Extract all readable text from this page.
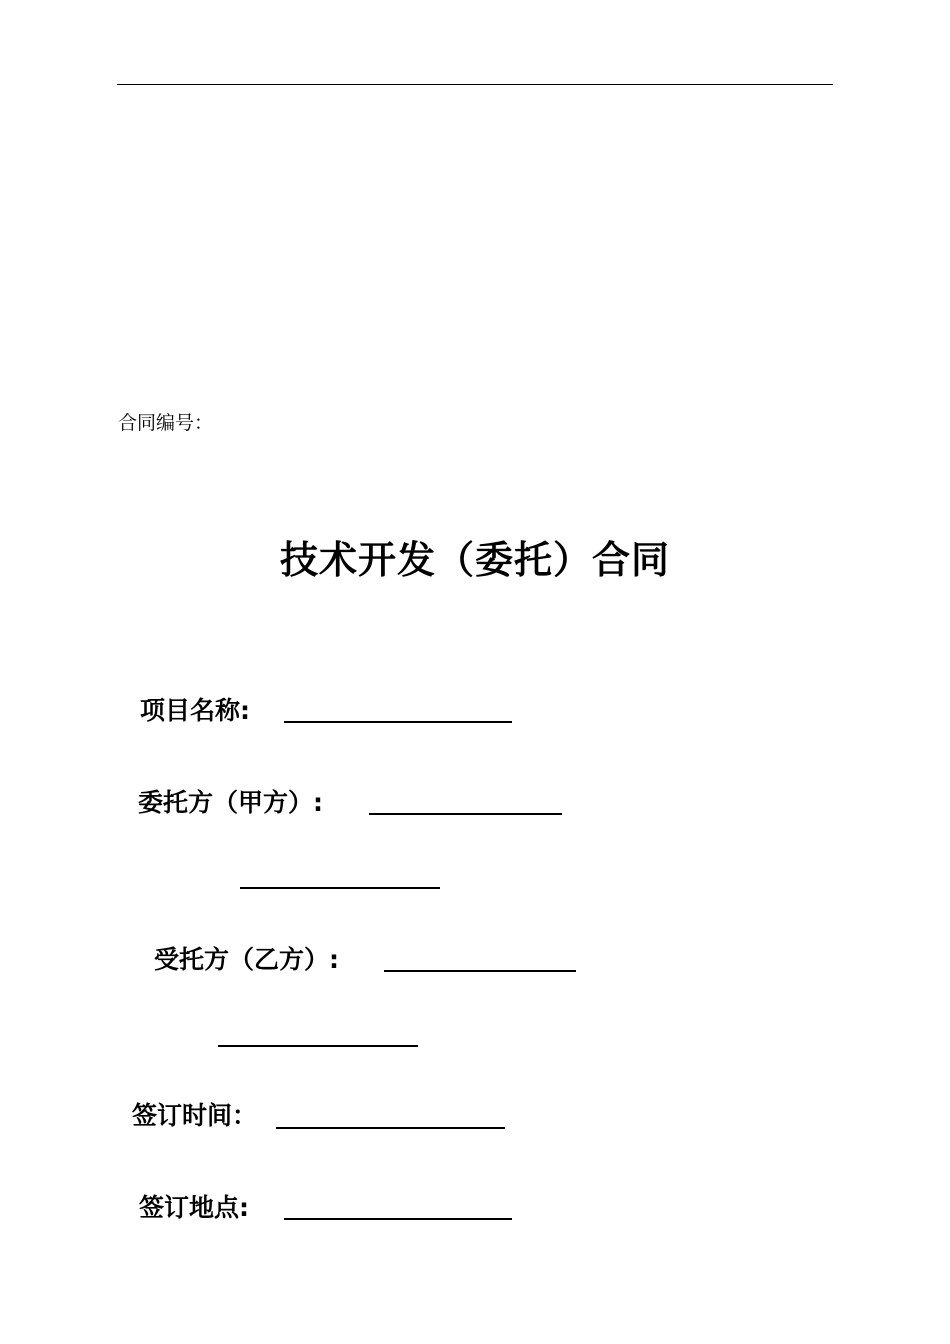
合同编号：
技术开发（委托）合同
项目名称:
委托方（甲方）:
受托方（乙方）:
签订时间：
签订地点:
